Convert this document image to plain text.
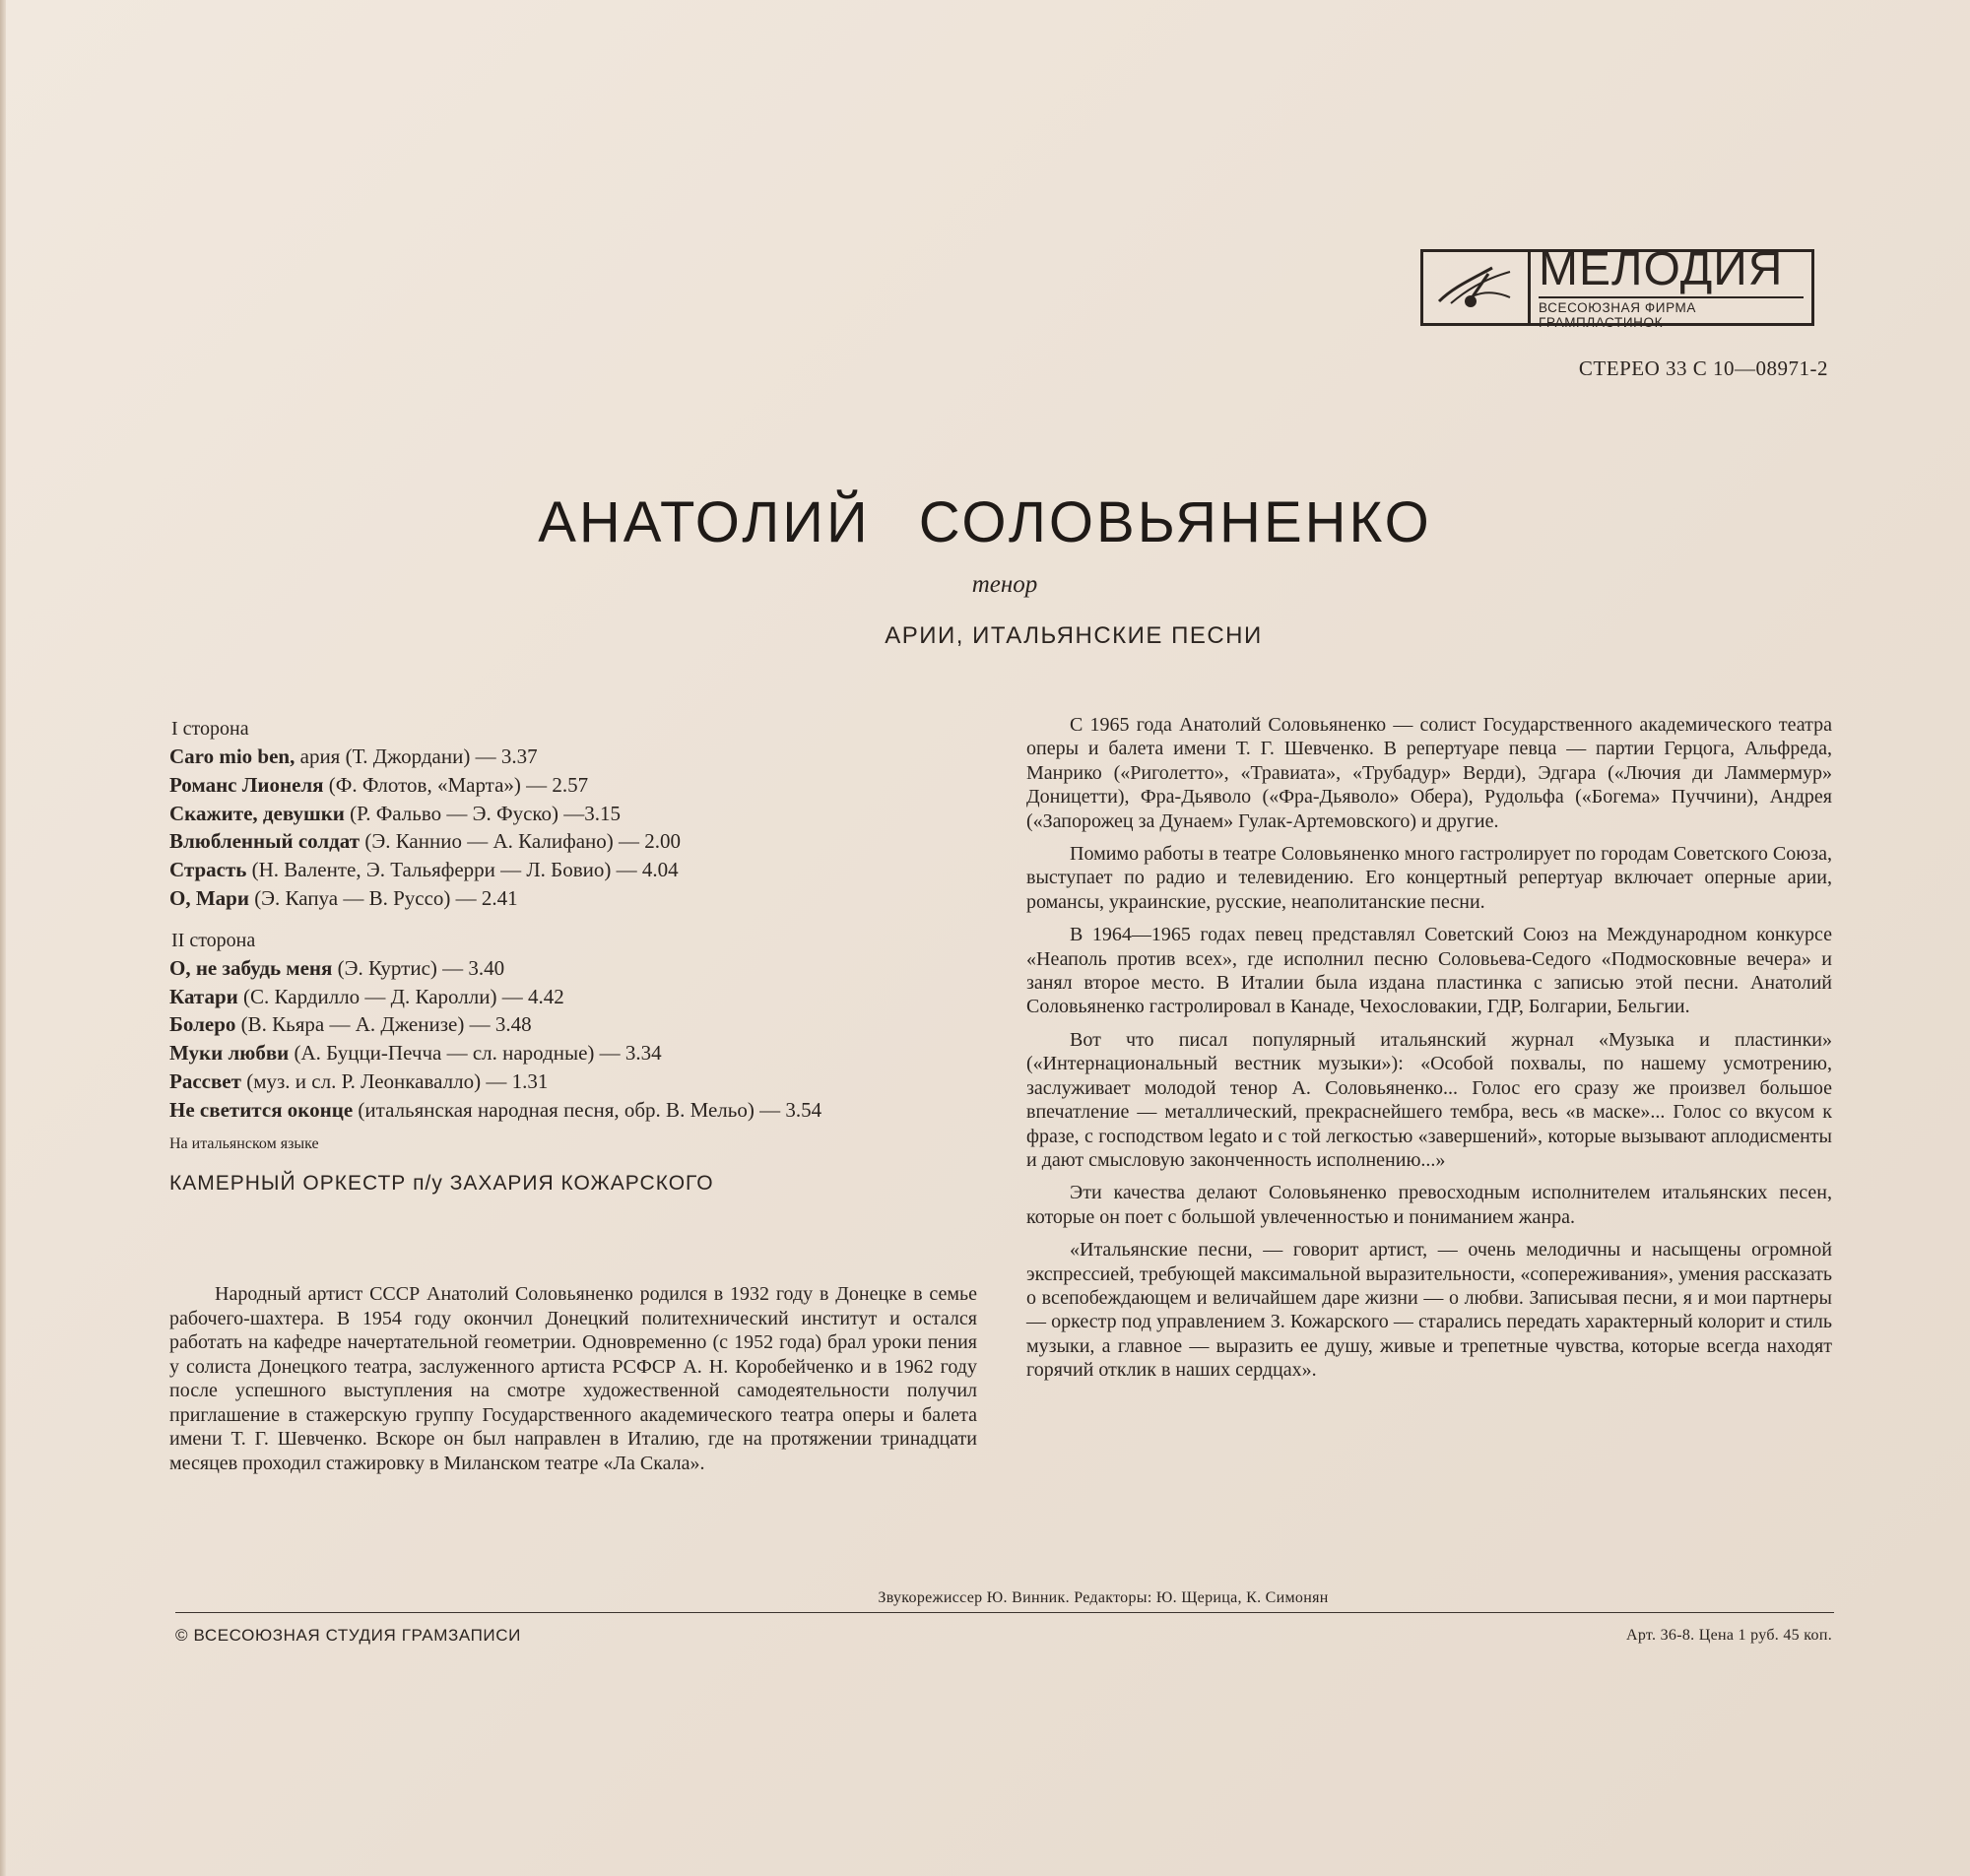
МЕЛОДИЯ
ВСЕСОЮЗНАЯ ФИРМА ГРАМПЛАСТИНОК
СТЕРЕО 33 С 10—08971-2
АНАТОЛИЙ СОЛОВЬЯНЕНКО
тенор
АРИИ, ИТАЛЬЯНСКИЕ ПЕСНИ
I сторона
Caro mio ben, ария (Т. Джордани) — 3.37
Романс Лионеля (Ф. Флотов, «Марта») — 2.57
Скажите, девушки (Р. Фальво — Э. Фуско) —3.15
Влюбленный солдат (Э. Каннио — А. Калифано) — 2.00
Страсть (Н. Валенте, Э. Тальяферри — Л. Бовио) — 4.04
О, Мари (Э. Капуа — В. Руссо) — 2.41
II сторона
О, не забудь меня (Э. Куртис) — 3.40
Катари (С. Кардилло — Д. Каролли) — 4.42
Болеро (В. Кьяра — А. Дженизе) — 3.48
Муки любви (А. Буцци-Печча — сл. народные) — 3.34
Рассвет (муз. и сл. Р. Леонкавалло) — 1.31
Не светится оконце (итальянская народная песня, обр. В. Мельо) — 3.54
На итальянском языке
КАМЕРНЫЙ ОРКЕСТР п/у ЗАХАРИЯ КОЖАРСКОГО
Народный артист СССР Анатолий Соловьяненко родился в 1932 году в Донецке в семье рабочего-шахтера. В 1954 году окончил Донецкий политехнический институт и остался работать на кафедре начертательной геометрии. Одновременно (с 1952 года) брал уроки пения у солиста Донецкого театра, заслуженного артиста РСФСР А. Н. Коробейченко и в 1962 году после успешного выступления на смотре художественной самодеятельности получил приглашение в стажерскую группу Государственного академического театра оперы и балета имени Т. Г. Шевченко. Вскоре он был направлен в Италию, где на протяжении тринадцати месяцев проходил стажировку в Миланском театре «Ла Скала».

С 1965 года Анатолий Соловьяненко — солист Государственного академического театра оперы и балета имени Т. Г. Шевченко. В репертуаре певца — партии Герцога, Альфреда, Манрико («Риголетто», «Травиата», «Трубадур» Верди), Эдгара («Лючия ди Ламмермур» Доницетти), Фра-Дьяволо («Фра-Дьяволо» Обера), Рудольфа («Богема» Пуччини), Андрея («Запорожец за Дунаем» Гулак-Артемовского) и другие.

Помимо работы в театре Соловьяненко много гастролирует по городам Советского Союза, выступает по радио и телевидению. Его концертный репертуар включает оперные арии, романсы, украинские, русские, неаполитанские песни.

В 1964—1965 годах певец представлял Советский Союз на Международном конкурсе «Неаполь против всех», где исполнил песню Соловьева-Седого «Подмосковные вечера» и занял второе место. В Италии была издана пластинка с записью этой песни. Анатолий Соловьяненко гастролировал в Канаде, Чехословакии, ГДР, Болгарии, Бельгии.

Вот что писал популярный итальянский журнал «Музыка и пластинки» («Интернациональный вестник музыки»): «Особой похвалы, по нашему усмотрению, заслуживает молодой тенор А. Соловьяненко... Голос его сразу же произвел большое впечатление — металлический, прекраснейшего тембра, весь «в маске»... Голос со вкусом к фразе, с господством legato и с той легкостью «завершений», которые вызывают аплодисменты и дают смысловую законченность исполнению...»

Эти качества делают Соловьяненко превосходным исполнителем итальянских песен, которые он поет с большой увлеченностью и пониманием жанра.

«Итальянские песни, — говорит артист, — очень мелодичны и насыщены огромной экспрессией, требующей максимальной выразительности, «сопереживания», умения рассказать о всепобеждающем и величайшем даре жизни — о любви. Записывая песни, я и мои партнеры — оркестр под управлением З. Кожарского — старались передать характерный колорит и стиль музыки, а главное — выразить ее душу, живые и трепетные чувства, которые всегда находят горячий отклик в наших сердцах».

Звукорежиссер Ю. Винник. Редакторы: Ю. Щерица, К. Симонян
© ВСЕСОЮЗНАЯ СТУДИЯ ГРАМЗАПИСИ	Арт. 36-8. Цена 1 руб. 45 коп.
